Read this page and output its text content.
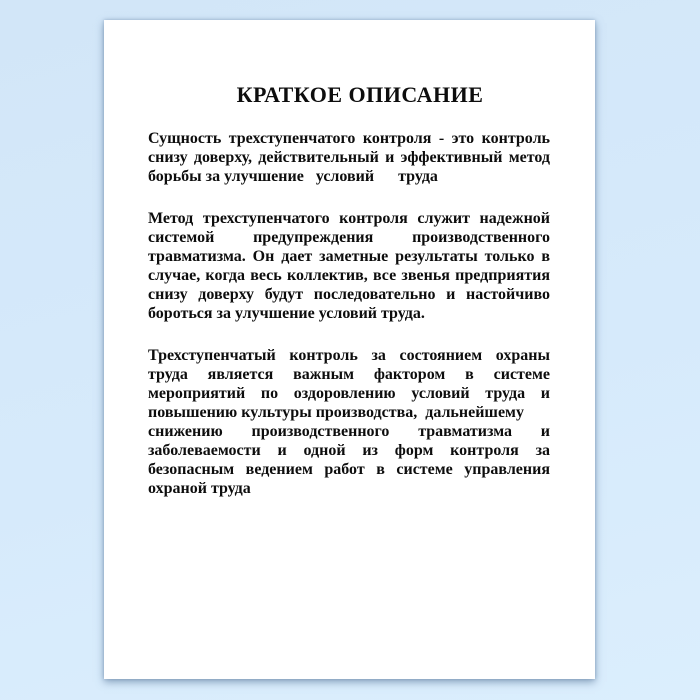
КРАТКОЕ ОПИСАНИЕ
Сущность трехступенчатого контроля - это контроль
снизу доверху, действительный и эффективный метод
борьбы за улучшение   условий      труда
Метод трехступенчатого контроля служит надежной
системой предупреждения производственного
травматизма. Он дает заметные результаты только в
случае, когда весь коллектив, все звенья предприятия
снизу доверху будут последовательно и настойчиво
бороться за улучшение условий труда.
Трехступенчатый контроль за состоянием охраны
труда является важным фактором в системе
мероприятий по оздоровлению условий труда и
повышению культуры производства,  дальнейшему
снижению производственного травматизма и
заболеваемости и одной из форм контроля за
безопасным ведением работ в системе управления
охраной труда
